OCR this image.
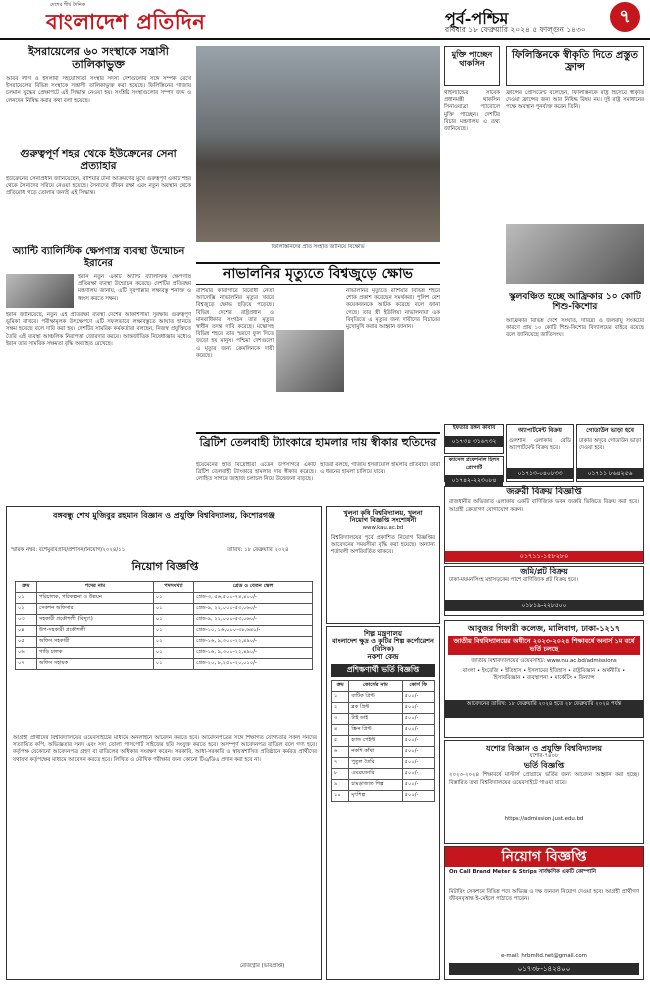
দেশের শীর্ষ দৈনিক
বাংলাদেশ প্রতিদিন	পূর্ব-পশ্চিম
রবিবার ১৮ ফেব্রুয়ারি ২০২৪ ৫ ফাল্গুন ১৪৩০
৭
ইসরায়েলের ৬০ সংস্থাকে সন্ত্রাসী তালিকাভুক্ত
আরব লীগ ও ইসলামী সহযোগিতা সংস্থার সদস্য দেশগুলোর সঙ্গে সম্পর্ক রেখে ইসরায়েলের বিভিন্ন সংস্থাকে সন্ত্রাসী তালিকাভুক্ত করা হয়েছে। ফিলিস্তিনের গাজায় চলমান যুদ্ধের প্রেক্ষাপটে এই সিদ্ধান্ত নেওয়া হয়। সংশ্লিষ্ট সংস্থাগুলোর সম্পদ জব্দ ও লেনদেন নিষিদ্ধ করার কথা বলা হয়েছে।
গুরুত্বপূর্ণ শহর থেকে ইউক্রেনের সেনা প্রত্যাহার
ইউক্রেনের সেনাপ্রধান জানিয়েছেন, রাশিয়ার টানা আক্রমণের মুখে গুরুত্বপূর্ণ একটি শহর থেকে সৈন্যদের সরিয়ে নেওয়া হয়েছে। সৈন্যদের জীবন রক্ষা এবং নতুন অবস্থান থেকে প্রতিরোধ গড়ে তোলার জন্যই এই সিদ্ধান্ত।
অ্যান্টি ব্যালিস্টিক ক্ষেপণাস্ত্র ব্যবস্থা উন্মোচন ইরানের
ইরান নতুন একটি অ্যান্টি ব্যালিস্টিক ক্ষেপণাস্ত্র প্রতিরক্ষা ব্যবস্থা উন্মোচন করেছে। দেশটির প্রতিরক্ষা মন্ত্রণালয় জানায়, এটি দূরপাল্লার লক্ষ্যবস্তু শনাক্ত ও ধ্বংস করতে সক্ষম।
ইরান জানিয়েছে, নতুন এই প্রতিরক্ষা ব্যবস্থা দেশের আকাশসীমা সুরক্ষায় গুরুত্বপূর্ণ ভূমিকা রাখবে। পরীক্ষামূলক উৎক্ষেপণে এটি সফলভাবে লক্ষ্যবস্তুতে আঘাত হানতে সক্ষম হয়েছে বলে দাবি করা হয়। দেশটির সামরিক কর্মকর্তারা বলছেন, নিজস্ব প্রযুক্তিতে তৈরি এই ব্যবস্থা আঞ্চলিক নিরাপত্তা জোরদার করবে। আন্তর্জাতিক নিষেধাজ্ঞার মধ্যেও ইরান তার সামরিক সক্ষমতা বৃদ্ধি অব্যাহত রেখেছে।
ফিলিস্তিনিদের প্রতি সংহতি জানিয়ে বিক্ষোভ
নাভালনির মৃত্যুতে বিশ্বজুড়ে ক্ষোভ
রাশিয়ার কারাগারে বিরোধী নেতা অ্যালেক্সি নাভালনির মৃত্যুর খবরে বিশ্বজুড়ে ক্ষোভ ছড়িয়ে পড়েছে। বিভিন্ন দেশের রাষ্ট্রপ্রধান ও মানবাধিকার সংগঠন তার মৃত্যুর স্বাধীন তদন্ত দাবি করেছে। মস্কোসহ বিভিন্ন শহরে তার স্মরণে ফুল দিতে জড়ো হয় মানুষ। পশ্চিমা দেশগুলো এ মৃত্যুর জন্য ক্রেমলিনকে দায়ী করেছে।
নাভালনির মৃত্যুতে রাশিয়ার বিভিন্ন শহরে শোক প্রকাশ করেছেন সমর্থকরা। পুলিশ বেশ কয়েকজনকে আটক করেছে বলে জানা গেছে। তার স্ত্রী ইউলিয়া নাভালনায়া এক বিবৃতিতে এ মৃত্যুর জন্য দায়ীদের বিচারের মুখোমুখি করার আহ্বান জানান।
মুক্তি পাচ্ছেন থাকসিন
থাইল্যান্ডের সাবেক প্রধানমন্ত্রী থাকসিন সিনাওয়াত্রা প্যারোলে মুক্তি পাচ্ছেন। দেশটির বিচার মন্ত্রণালয় এ তথ্য জানিয়েছে।
ফিলিস্তিনকে স্বীকৃতি দিতে প্রস্তুত ফ্রান্স
ফ্রান্সের প্রেসিডেন্ট বলেছেন, ফিলিস্তিনকে রাষ্ট্র হিসেবে স্বীকৃতি দেওয়া ফ্রান্সের জন্য আর নিষিদ্ধ বিষয় নয়। দুই রাষ্ট্র সমাধানের পক্ষে অবস্থান পুনর্ব্যক্ত করেন তিনি।
স্কুলবঞ্চিত হচ্ছে আফ্রিকার ১০ কোটি শিশু-কিশোর
আফ্রিকার বিভিন্ন দেশে সংঘাত, দারিদ্র্য ও জলবায়ু সংকটের কারণে প্রায় ১০ কোটি শিশু-কিশোর বিদ্যালয়ের বাইরে রয়েছে বলে জানিয়েছে জাতিসংঘ।
ইফতার রঙ্গন কাবাব
০১৭৩৪ ৩১৬৭৩২
ক্যাসেল প্রফেশনাল হিলস প্রোপার্টি
০১৭৪২-২২৩০৮৪
অ্যাপার্টমেন্ট বিক্রয়
গুলশান এলাকায় রেডি অ্যাপার্টমেন্ট বিক্রয় হবে।
০১৭১৩-০৪০৮৩৩
গোডাউন ভাড়া হবে
ঢাকার অদূরে গোডাউন ভাড়া দেওয়া হবে।
০১৭১১ ৮৬৪২৫৬
ব্রিটিশ তেলবাহী ট্যাংকারে হামলার দায় স্বীকার হুতিদের
ইয়েমেনের হুতি বিদ্রোহীরা এডেন উপসাগরে একটি ব্রিটিশ তেলবাহী ট্যাংকারে হামলার দায় স্বীকার করেছে। লোহিত সাগরে জাহাজ চলাচল নিয়ে উত্তেজনা বাড়ছে।
হুতিরা বলছে, গাজায় ইসরায়েলি হামলার প্রতিবাদে তারা এ ধরনের হামলা চালিয়ে যাবে।
জরুরী বিক্রয় বিজ্ঞপ্তি
রাজধানীর অভিজাত এলাকায় একটি বাণিজ্যিক ভবন জরুরি ভিত্তিতে বিক্রয় করা হবে। আগ্রহী ক্রেতাগণ যোগাযোগ করুন।
০১৭১১-১৫৮২৮০
জমি/প্লট বিক্রয়
ঢাকা-ময়মনসিংহ মহাসড়কের পাশে বাণিজ্যিক প্লট বিক্রয় হবে।
০১৮১৯-২২৮৫০০
বঙ্গবন্ধু শেখ মুজিবুর রহমান বিজ্ঞান ও প্রযুক্তি বিশ্ববিদ্যালয়, কিশোরগঞ্জ
স্মারক নম্বর: বশেমুরবিপ্রবি/প্রশাসন/নিয়োগ/২০২৪/১১	তারিখ: ১৮ ফেব্রুয়ারি ২০২৪
নিয়োগ বিজ্ঞপ্তি
ক্রম	পদের নাম	পদসংখ্যা	গ্রেড ও বেতন স্কেল
০১	পরিচালক, পরিকল্পনা ও উন্নয়ন	০১	গ্রেড-৩, ৫৬,৫০০-৭৪,৪০০/-
০২	সেকশন অফিসার	০১	গ্রেড-৯, ২২,০০০-৫৩,০৬০/-
০৩	সহকারী প্রকৌশলী (বিদ্যুৎ)	০১	গ্রেড-৯, ২২,০০০-৫৩,০৬০/-
০৪	উপ-সহকারী প্রকৌশলী	০১	গ্রেড-১০, ১৬,০০০-৩৮,৬৪০/-
০৫	অফিস সহকারী	০২	গ্রেড-১৬, ৯,৩০০-২২,৪৯০/-
০৬	গাড়ি চালক	০১	গ্রেড-১৬, ৯,৩০০-২২,৪৯০/-
০৭	অফিস সহায়ক	০১	গ্রেড-২০, ৮,২৫০-২০,০১০/-
আগ্রহী প্রার্থীদের বিশ্ববিদ্যালয়ের ওয়েবসাইটের মাধ্যমে অনলাইনে আবেদন করতে হবে। আবেদনপত্রের সঙ্গে শিক্ষাগত যোগ্যতার সকল সনদের সত্যায়িত কপি, অভিজ্ঞতার সনদ এবং সদ্য তোলা পাসপোর্ট সাইজের ছবি সংযুক্ত করতে হবে। অসম্পূর্ণ আবেদনপত্র বাতিল বলে গণ্য হবে। কর্তৃপক্ষ যেকোনো আবেদনপত্র গ্রহণ বা বাতিলের অধিকার সংরক্ষণ করেন। সরকারি, আধা-সরকারি ও স্বায়ত্তশাসিত প্রতিষ্ঠানে কর্মরত প্রার্থীদের যথাযথ কর্তৃপক্ষের মাধ্যমে আবেদন করতে হবে। লিখিত ও মৌখিক পরীক্ষার জন্য কোনো টিএ/ডিএ প্রদান করা হবে না।
রেজিস্ট্রার (ভারপ্রাপ্ত)
খুলনা কৃষি বিশ্ববিদ্যালয়, খুলনা
নিয়োগ বিজ্ঞপ্তি সংশোধনী
www.kau.ac.bd
বিশ্ববিদ্যালয়ের পূর্বে প্রকাশিত নিয়োগ বিজ্ঞপ্তির আবেদনের সময়সীমা বৃদ্ধি করা হয়েছে। অন্যান্য শর্তাবলী অপরিবর্তিত থাকবে।
শিল্প মন্ত্রণালয়
বাংলাদেশ ক্ষুদ্র ও কুটির শিল্প কর্পোরেশন (বিসিক)
নকশা কেন্দ্র
প্রশিক্ষণার্থী ভর্তি বিজ্ঞপ্তি
ক্রম	কোর্সের নাম	কোর্স ফি
১	বাটিক প্রিন্ট	৫০০/-
২	ব্লক প্রিন্ট	৫০০/-
৩	টাই ডাই	৫০০/-
৪	স্ক্রিন প্রিন্ট	৫০০/-
৫	হ্যান্ড পেইন্ট	৫০০/-
৬	নকশি কাঁথা	৫০০/-
৭	পুতুল তৈরি	৫০০/-
৮	এমব্রয়ডারি	৫০০/-
৯	চামড়াজাত শিল্প	৫০০/-
১০	মৃৎশিল্প	৫০০/-
আবুজর গিফারী কলেজ, মালিবাগ, ঢাকা-১২১৭
জাতীয় বিশ্ববিদ্যালয়ের অধীনে ২০২৩-২০২৪ শিক্ষাবর্ষে অনার্স ১ম বর্ষে ভর্তি চলছে
জাতীয় বিশ্ববিদ্যালয়ের ওয়েবসাইট: www.nu.ac.bd/admissions
বাংলা • ইংরেজি • ইতিহাস • ইসলামের ইতিহাস • রাষ্ট্রবিজ্ঞান • অর্থনীতি • হিসাববিজ্ঞান • ব্যবস্থাপনা • মার্কেটিং • ফিন্যান্স
আবেদনের তারিখ: ১৮ ফেব্রুয়ারি ২০২৪ হতে ২৮ ফেব্রুয়ারি ২০২৪ পর্যন্ত
যশোর বিজ্ঞান ও প্রযুক্তি বিশ্ববিদ্যালয়
যশোর-৭৪০৮
ভর্তি বিজ্ঞপ্তি
২০২৩-২০২৪ শিক্ষাবর্ষে মাস্টার্স প্রোগ্রামে ভর্তির জন্য আবেদন আহ্বান করা হচ্ছে। বিস্তারিত তথ্য বিশ্ববিদ্যালয়ের ওয়েবসাইটে পাওয়া যাবে।
https://admission.just.edu.bd
নিয়োগ বিজ্ঞপ্তি
On Call Brand Meter & Strips সার্বক্ষণিক একটি কোম্পানি
মিটারিং সেকশনে বিভিন্ন পদে অভিজ্ঞ ও দক্ষ জনবল নিয়োগ দেওয়া হবে। আগ্রহী প্রার্থীগণ জীবনবৃত্তান্ত ই-মেইলে পাঠাতে পারেন।
e-mail: hrbmltd.net@gmail.com
০১৭৩৮-১৪২৪০০
